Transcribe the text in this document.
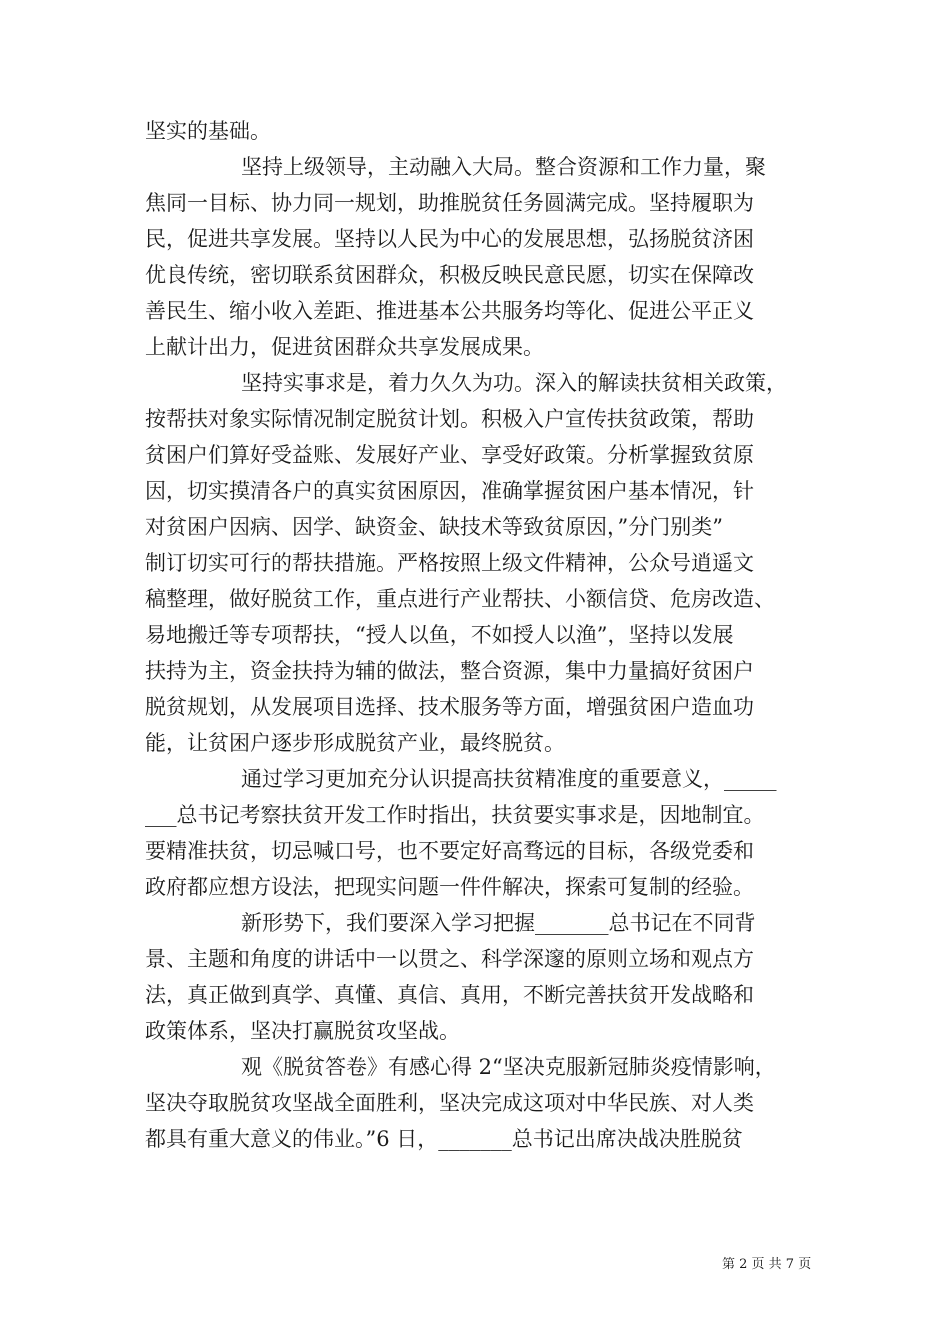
坚实的基础。
坚持上级领导，主动融入大局。整合资源和工作力量，聚
焦同一目标、协力同一规划，助推脱贫任务圆满完成。坚持履职为
民，促进共享发展。坚持以人民为中心的发展思想，弘扬脱贫济困
优良传统，密切联系贫困群众，积极反映民意民愿，切实在保障改
善民生、缩小收入差距、推进基本公共服务均等化、促进公平正义
上献计出力，促进贫困群众共享发展成果。
坚持实事求是，着力久久为功。深入的解读扶贫相关政策，
按帮扶对象实际情况制定脱贫计划。积极入户宣传扶贫政策，帮助
贫困户们算好受益账、发展好产业、享受好政策。分析掌握致贫原
因，切实摸清各户的真实贫困原因，准确掌握贫困户基本情况，针
对贫困户因病、因学、缺资金、缺技术等致贫原因，”分门别类”
制订切实可行的帮扶措施。严格按照上级文件精神，公众号逍遥文
稿整理，做好脱贫工作，重点进行产业帮扶、小额信贷、危房改造、
易地搬迁等专项帮扶，“授人以鱼，不如授人以渔”，坚持以发展
扶持为主，资金扶持为辅的做法，整合资源，集中力量搞好贫困户
脱贫规划，从发展项目选择、技术服务等方面，增强贫困户造血功
能，让贫困户逐步形成脱贫产业，最终脱贫。
通过学习更加充分认识提高扶贫精准度的重要意义，_____
___总书记考察扶贫开发工作时指出，扶贫要实事求是，因地制宜。
要精准扶贫，切忌喊口号，也不要定好高骛远的目标，各级党委和
政府都应想方设法，把现实问题一件件解决，探索可复制的经验。
新形势下，我们要深入学习把握_______总书记在不同背
景、主题和角度的讲话中一以贯之、科学深邃的原则立场和观点方
法，真正做到真学、真懂、真信、真用，不断完善扶贫开发战略和
政策体系，坚决打赢脱贫攻坚战。
观《脱贫答卷》有感心得 2“坚决克服新冠肺炎疫情影响，
坚决夺取脱贫攻坚战全面胜利，坚决完成这项对中华民族、对人类
都具有重大意义的伟业。”6 日，_______总书记出席决战决胜脱贫
第 2 页 共 7 页
